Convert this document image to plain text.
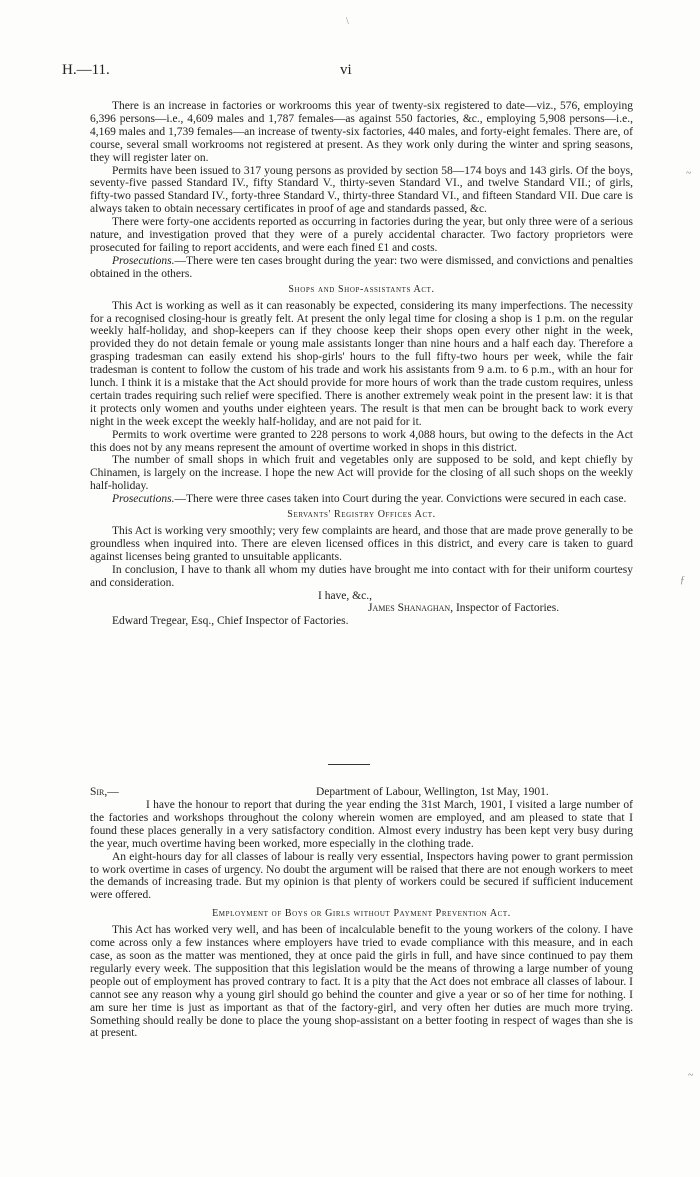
H.—11.	vi

There is an increase in factories or workrooms this year of twenty-six registered to date—viz., 576, employing 6,396 persons—i.e., 4,609 males and 1,787 females—as against 550 factories, &c., employing 5,908 persons—i.e., 4,169 males and 1,739 females—an increase of twenty-six factories, 440 males, and forty-eight females. There are, of course, several small workrooms not registered at present. As they work only during the winter and spring seasons, they will register later on.

Permits have been issued to 317 young persons as provided by section 58—174 boys and 143 girls. Of the boys, seventy-five passed Standard IV., fifty Standard V., thirty-seven Standard VI., and twelve Standard VII.; of girls, fifty-two passed Standard IV., forty-three Standard V., thirty-three Standard VI., and fifteen Standard VII. Due care is always taken to obtain necessary certificates in proof of age and standards passed, &c.

There were forty-one accidents reported as occurring in factories during the year, but only three were of a serious nature, and investigation proved that they were of a purely accidental character. Two factory proprietors were prosecuted for failing to report accidents, and were each fined £1 and costs.

Prosecutions.—There were ten cases brought during the year: two were dismissed, and convictions and penalties obtained in the others.

Shops and Shop-assistants Act.

This Act is working as well as it can reasonably be expected, considering its many imperfections. The necessity for a recognised closing-hour is greatly felt. At present the only legal time for closing a shop is 1 p.m. on the regular weekly half-holiday, and shop-keepers can if they choose keep their shops open every other night in the week, provided they do not detain female or young male assistants longer than nine hours and a half each day. Therefore a grasping tradesman can easily extend his shop-girls' hours to the full fifty-two hours per week, while the fair tradesman is content to follow the custom of his trade and work his assistants from 9 a.m. to 6 p.m., with an hour for lunch. I think it is a mistake that the Act should provide for more hours of work than the trade custom requires, unless certain trades requiring such relief were specified. There is another extremely weak point in the present law: it is that it protects only women and youths under eighteen years. The result is that men can be brought back to work every night in the week except the weekly half-holiday, and are not paid for it.

Permits to work overtime were granted to 228 persons to work 4,088 hours, but owing to the defects in the Act this does not by any means represent the amount of overtime worked in shops in this district.

The number of small shops in which fruit and vegetables only are supposed to be sold, and kept chiefly by Chinamen, is largely on the increase. I hope the new Act will provide for the closing of all such shops on the weekly half-holiday.

Prosecutions.—There were three cases taken into Court during the year. Convictions were secured in each case.

Servants' Registry Offices Act.

This Act is working very smoothly; very few complaints are heard, and those that are made prove generally to be groundless when inquired into. There are eleven licensed offices in this district, and every care is taken to guard against licenses being granted to unsuitable applicants.

In conclusion, I have to thank all whom my duties have brought me into contact with for their uniform courtesy and consideration.

I have, &c.,

James Shanaghan, Inspector of Factories.

Edward Tregear, Esq., Chief Inspector of Factories.

Sir,—	Department of Labour, Wellington, 1st May, 1901.

I have the honour to report that during the year ending the 31st March, 1901, I visited a large number of the factories and workshops throughout the colony wherein women are employed, and am pleased to state that I found these places generally in a very satisfactory condition. Almost every industry has been kept very busy during the year, much overtime having been worked, more especially in the clothing trade.

An eight-hours day for all classes of labour is really very essential, Inspectors having power to grant permission to work overtime in cases of urgency. No doubt the argument will be raised that there are not enough workers to meet the demands of increasing trade. But my opinion is that plenty of workers could be secured if sufficient inducement were offered.

Employment of Boys or Girls without Payment Prevention Act.

This Act has worked very well, and has been of incalculable benefit to the young workers of the colony. I have come across only a few instances where employers have tried to evade compliance with this measure, and in each case, as soon as the matter was mentioned, they at once paid the girls in full, and have since continued to pay them regularly every week. The supposition that this legislation would be the means of throwing a large number of young people out of employment has proved contrary to fact. It is a pity that the Act does not embrace all classes of labour. I cannot see any reason why a young girl should go behind the counter and give a year or so of her time for nothing. I am sure her time is just as important as that of the factory-girl, and very often her duties are much more trying. Something should really be done to place the young shop-assistant on a better footing in respect of wages than she is at present.

\
~
ƒ
~
